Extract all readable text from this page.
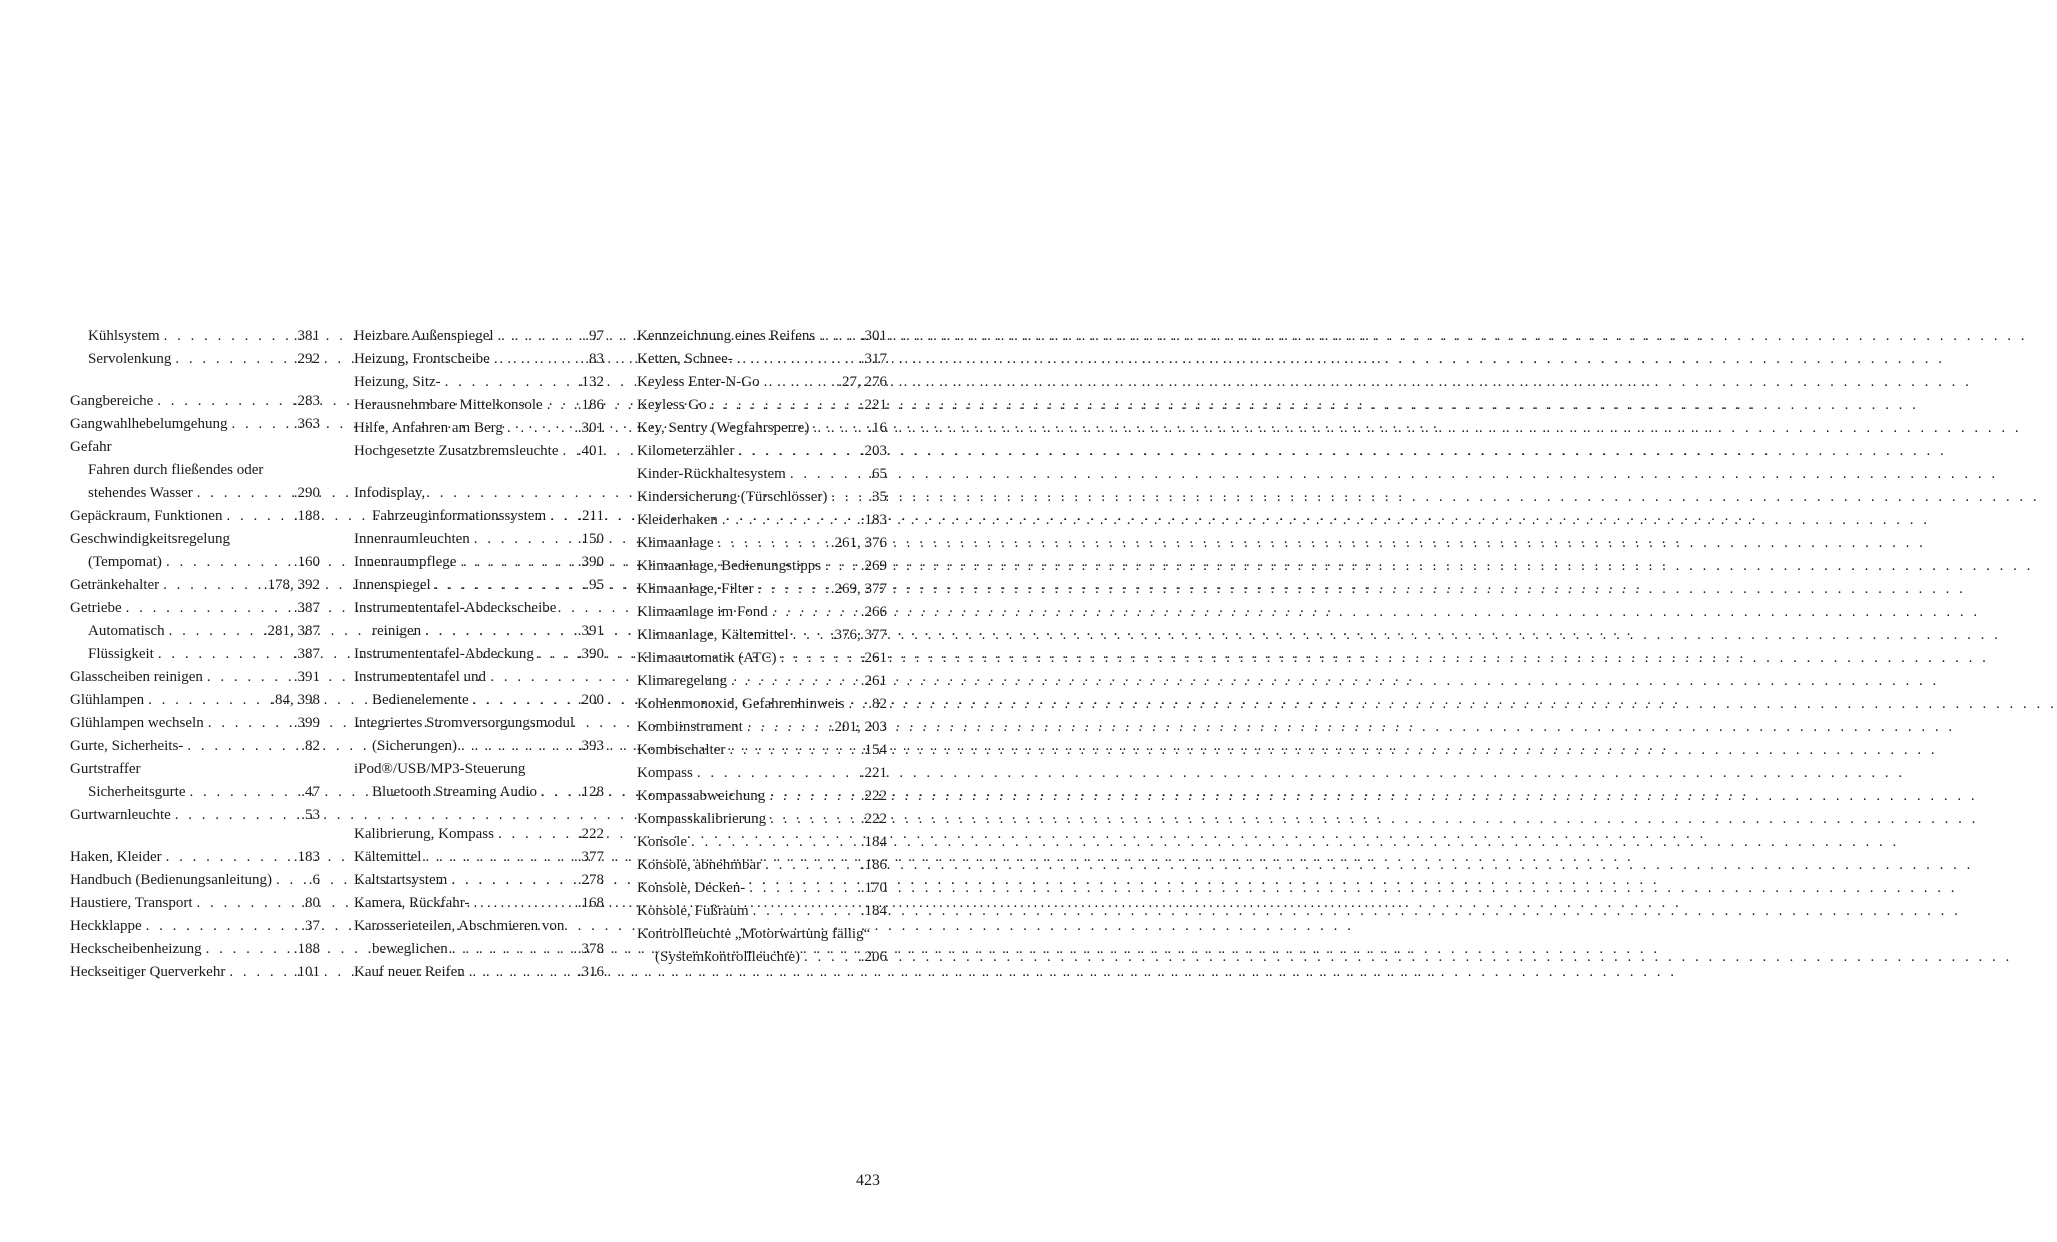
Kühlsystem . . .	.381
Servolenkung . . .	.292
Gangbereiche . . .	.283
Gangwahlhebelumgehung . . .	.363
Gefahr
Fahren durch fließendes oder
stehendes Wasser . . .	.290
Gepäckraum, Funktionen . . .	.188
Geschwindigkeitsregelung
(Tempomat) . . .	.160
Getränkehalter . . .	.178, 392
Getriebe . . .	.387
Automatisch . . .	.281, 387
Flüssigkeit . . .	.387
Glasscheiben reinigen . . .	.391
Glühlampen . . .	.84, 398
Glühlampen wechseln . . .	.399
Gurte, Sicherheits- . . .	.82
Gurtstraffer
Sicherheitsgurte . . .	.47
Gurtwarnleuchte . . .	.53
Haken, Kleider . . .	.183
Handbuch (Bedienungsanleitung) . . . .6
Haustiere, Transport . . .	.80
Heckklappe . . .	.37
Heckscheibenheizung . . .	.188
Heckseitiger Querverkehr . . .	.101
Heizbare Außenspiegel . . .	.97
Heizung, Frontscheibe . . .	.83
Heizung, Sitz- . . .	.132
Herausnehmbare Mittelkonsole . . . .186
Hilfe, Anfahren am Berg . . .	.301
Hochgesetzte Zusatzbremsleuchte . . . .401
Infodisplay,
Fahrzeuginformationssystem . . . .211
Innenraumleuchten . . .	.150
Innenraumpflege . . .	.390
Innenspiegel . . .	.95
Instrumententafel-Abdeckscheibe
reinigen . . .	.391
Instrumententafel-Abdeckung . . .	.390
Instrumententafel und
Bedienelemente . . .	.200
Integriertes Stromversorgungsmodul
(Sicherungen) . . .	.393
iPod®/USB/MP3-Steuerung
Bluetooth Streaming Audio . . .	.128
Kalibrierung, Kompass . . .	.222
Kältemittel . . .	.377
Kaltstartsystem . . .	.278
Kamera, Rückfahr- . . .	.168
Karosserieteilen, Abschmieren von
beweglichen . . .	.378
Kauf neuer Reifen . . .	.316
Kennzeichnung eines Reifens . . .	.301
Ketten, Schnee- . . .	.317
Keyless Enter-N-Go . . .	.27, 276
Keyless Go . . .	.221
Key, Sentry (Wegfahrsperre) . . .	.16
Kilometerzähler . . .	.203
Kinder-Rückhaltesystem . . .	.65
Kindersicherung (Türschlösser) . . .	.35
Kleiderhaken . . .	.183
Klimaanlage . . .	.261, 376
Klimaanlage, Bedienungstipps . . .	.269
Klimaanlage, Filter . . .	.269, 377
Klimaanlage im Fond . . .	.266
Klimaanlage, Kältemittel . . .	.376, 377
Klimaautomatik (ATC) . . .	.261
Klimaregelung . . .	.261
Kohlenmonoxid, Gefahrenhinweis . . . .82
Kombiinstrument . . .	.201, 203
Kombischalter . . .	.154
Kompass . . .	.221
Kompassabweichung . . .	.222
Kompasskalibrierung . . .	.222
Konsole . . .	.184
Konsole, abnehmbar . . .	.186
Konsole, Decken- . . .	.170
Konsole, Fußraum . . .	.184
Kontrollleuchte „Motorwartung fällig“
(Systemkontrollleuchte) . . .	.206
423
